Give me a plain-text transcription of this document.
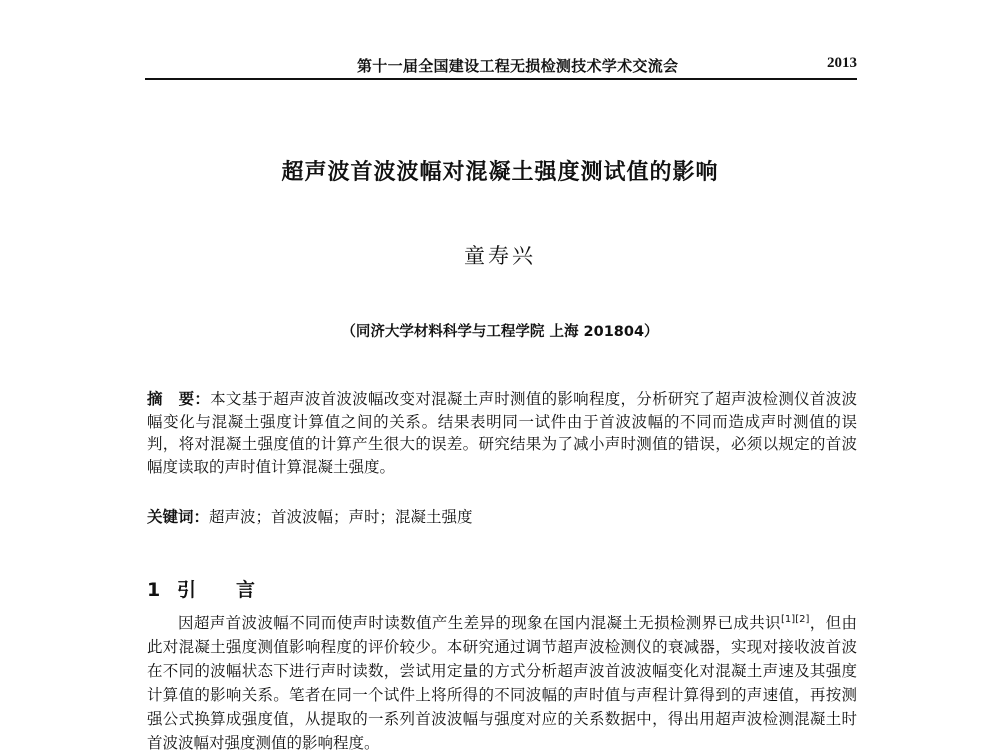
第十一届全国建设工程无损检测技术学术交流会	2013
超声波首波波幅对混凝土强度测试值的影响
童寿兴
（同济大学材料科学与工程学院 上海 201804）
摘　要：本文基于超声波首波波幅改变对混凝土声时测值的影响程度，分析研究了超声波检测仪首波波幅变化与混凝土强度计算值之间的关系。结果表明同一试件由于首波波幅的不同而造成声时测值的误判，将对混凝土强度值的计算产生很大的误差。研究结果为了减小声时测值的错误，必须以规定的首波幅度读取的声时值计算混凝土强度。
关键词：超声波；首波波幅；声时；混凝土强度
1 引言
因超声首波波幅不同而使声时读数值产生差异的现象在国内混凝土无损检测界已成共识[1][2]，但由此对混凝土强度测值影响程度的评价较少。本研究通过调节超声波检测仪的衰减器，实现对接收波首波在不同的波幅状态下进行声时读数，尝试用定量的方式分析超声波首波波幅变化对混凝土声速及其强度计算值的影响关系。笔者在同一个试件上将所得的不同波幅的声时值与声程计算得到的声速值，再按测强公式换算成强度值，从提取的一系列首波波幅与强度对应的关系数据中，得出用超声波检测混凝土时首波波幅对强度测值的影响程度。
